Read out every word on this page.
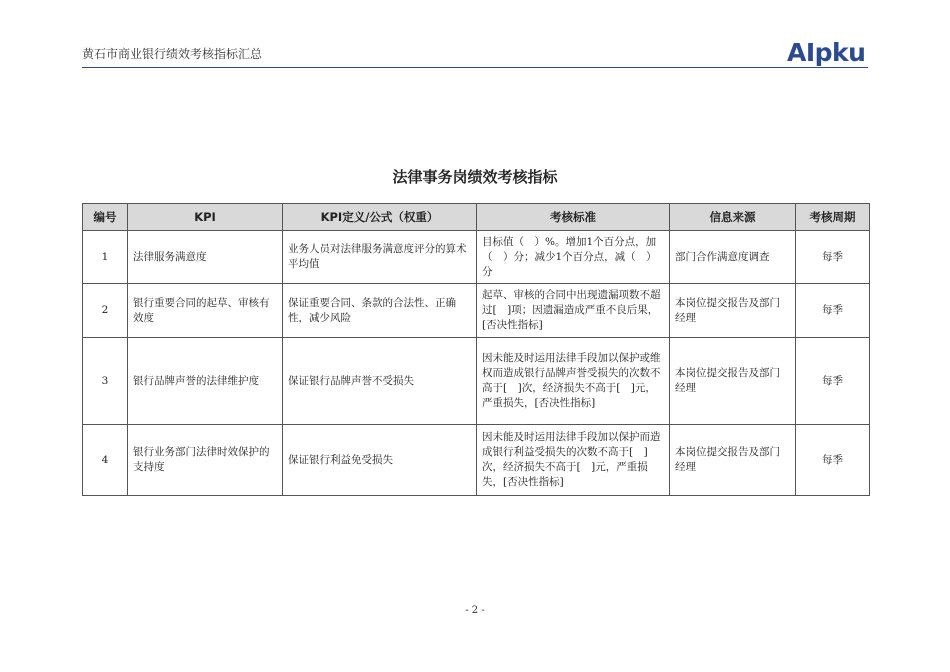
黄石市商业银行绩效考核指标汇总	AIpku
法律事务岗绩效考核指标
编号	KPI	KPI定义/公式（权重）	考核标准	信息来源	考核周期
1	法律服务满意度	业务人员对法律服务满意度评分的算术平均值	目标值（　）%。增加1个百分点，加（　）分；减少1个百分点，减（　）分	部门合作满意度调查	每季
2	银行重要合同的起草、审核有效度	保证重要合同、条款的合法性、正确性，减少风险	起草、审核的合同中出现遗漏项数不超过[　]项；因遗漏造成严重不良后果，[否决性指标]	本岗位提交报告及部门经理	每季
3	银行品牌声誉的法律维护度	保证银行品牌声誉不受损失	因未能及时运用法律手段加以保护或维权而造成银行品牌声誉受损失的次数不高于[　]次，经济损失不高于[　]元，严重损失，[否决性指标]	本岗位提交报告及部门经理	每季
4	银行业务部门法律时效保护的支持度	保证银行利益免受损失	因未能及时运用法律手段加以保护而造成银行利益受损失的次数不高于[　]次，经济损失不高于[　]元，严重损失，[否决性指标]	本岗位提交报告及部门经理	每季
- 2 -
